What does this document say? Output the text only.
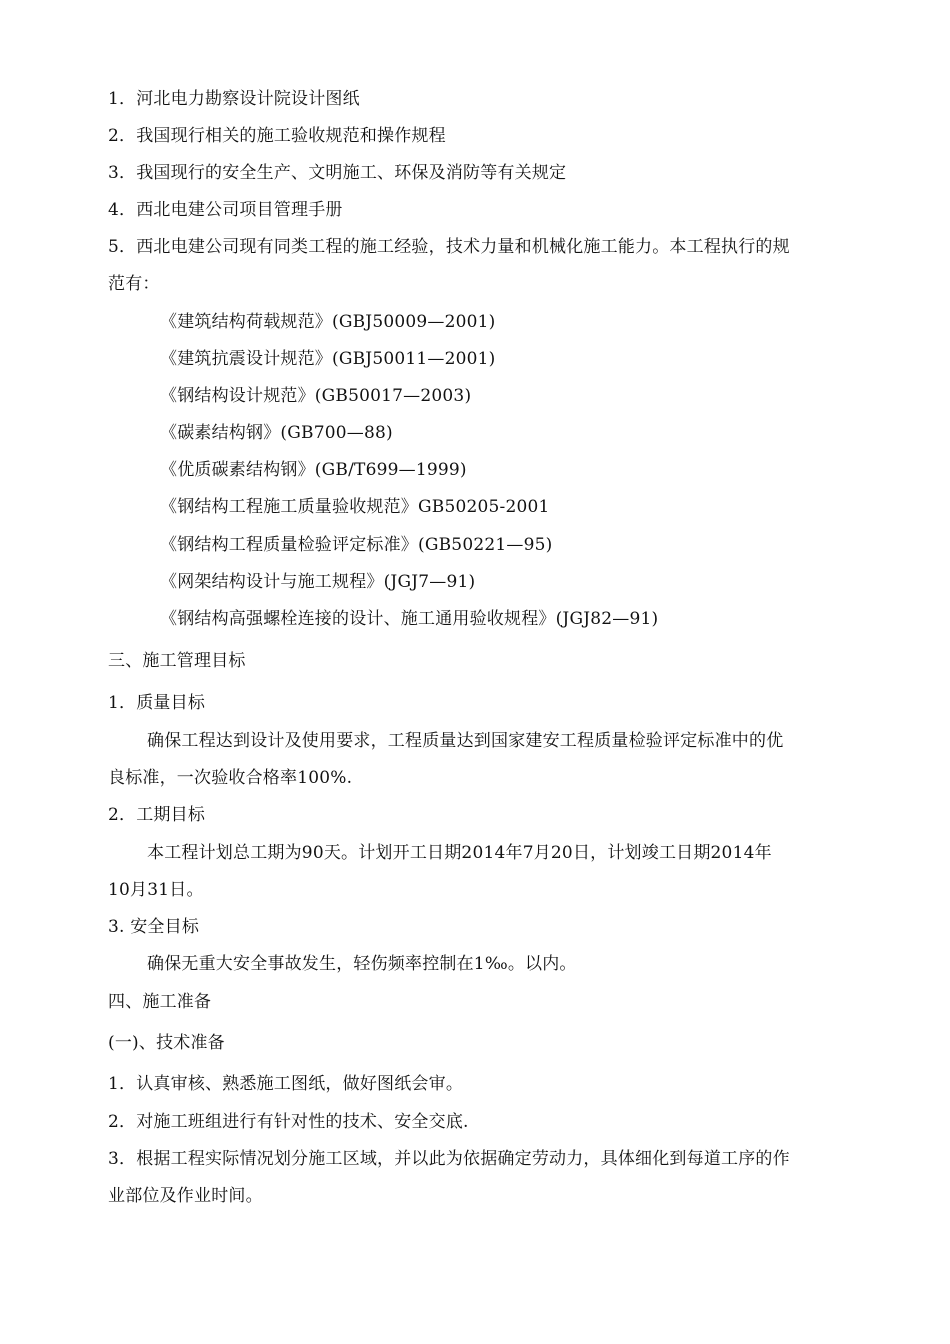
1．河北电力勘察设计院设计图纸
2．我国现行相关的施工验收规范和操作规程
3．我国现行的安全生产、文明施工、环保及消防等有关规定
4．西北电建公司项目管理手册
5．西北电建公司现有同类工程的施工经验，技术力量和机械化施工能力。本工程执行的规
范有：
《建筑结构荷载规范》(GBJ50009—2001)
《建筑抗震设计规范》(GBJ50011—2001)
《钢结构设计规范》(GB50017—2003)
《碳素结构钢》(GB700—88)
《优质碳素结构钢》(GB/T699—1999)
《钢结构工程施工质量验收规范》GB50205-2001
《钢结构工程质量检验评定标准》(GB50221—95)
《网架结构设计与施工规程》(JGJ7—91)
《钢结构高强螺栓连接的设计、施工通用验收规程》(JGJ82—91)
三、施工管理目标
1．质量目标
确保工程达到设计及使用要求，工程质量达到国家建安工程质量检验评定标准中的优
良标准，一次验收合格率100%.
2．工期目标
本工程计划总工期为90天。计划开工日期2014年7月20日，计划竣工日期2014年
10月31日。
3. 安全目标
确保无重大安全事故发生，轻伤频率控制在1‰。以内。
四、施工准备
(一)、技术准备
1．认真审核、熟悉施工图纸，做好图纸会审。
2．对施工班组进行有针对性的技术、安全交底.
3．根据工程实际情况划分施工区域，并以此为依据确定劳动力，具体细化到每道工序的作
业部位及作业时间。
